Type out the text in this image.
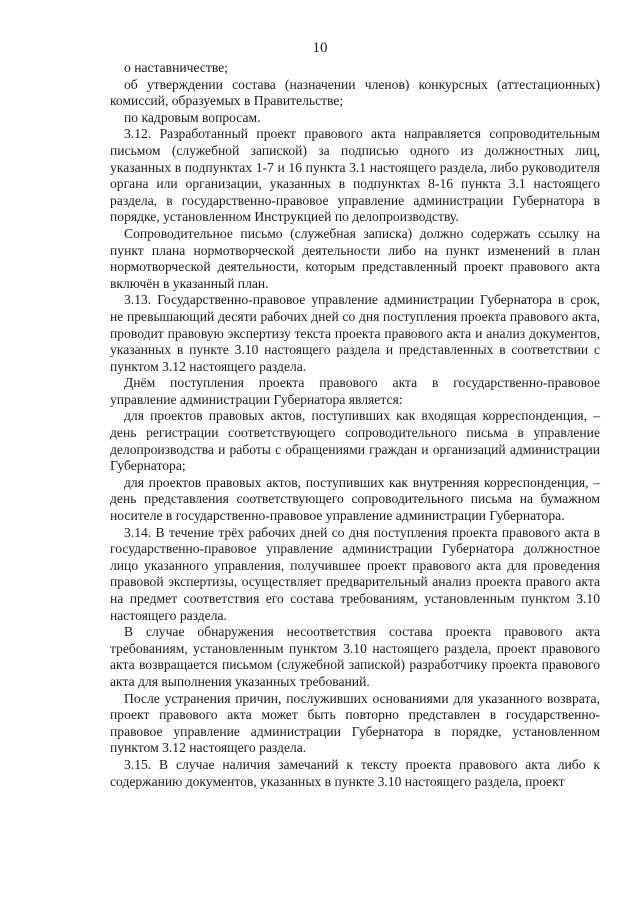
10

о наставничестве;

об утверждении состава (назначении членов) конкурсных (аттестационных) комиссий, образуемых в Правительстве;

по кадровым вопросам.

3.12. Разработанный проект правового акта направляется сопроводительным письмом (служебной запиской) за подписью одного из должностных лиц, указанных в подпунктах 1-7 и 16 пункта 3.1 настоящего раздела, либо руководителя органа или организации, указанных в подпунктах 8-16 пункта 3.1 настоящего раздела, в государственно-правовое управление администрации Губернатора в порядке, установленном Инструкцией по делопроизводству.

Сопроводительное письмо (служебная записка) должно содержать ссылку на пункт плана нормотворческой деятельности либо на пункт изменений в план нормотворческой деятельности, которым представленный проект правового акта включён в указанный план.

3.13. Государственно-правовое управление администрации Губернатора в срок, не превышающий десяти рабочих дней со дня поступления проекта правового акта, проводит правовую экспертизу текста проекта правового акта и анализ документов, указанных в пункте 3.10 настоящего раздела и представленных в соответствии с пунктом 3.12 настоящего раздела.

Днём поступления проекта правового акта в государственно-правовое управление администрации Губернатора является:

для проектов правовых актов, поступивших как входящая корреспонденция, – день регистрации соответствующего сопроводительного письма в управление делопроизводства и работы с обращениями граждан и организаций администрации Губернатора;

для проектов правовых актов, поступивших как внутренняя корреспонденция, – день представления соответствующего сопроводительного письма на бумажном носителе в государственно-правовое управление администрации Губернатора.

3.14. В течение трёх рабочих дней со дня поступления проекта правового акта в государственно-правовое управление администрации Губернатора должностное лицо указанного управления, получившее проект правового акта для проведения правовой экспертизы, осуществляет предварительный анализ проекта правого акта на предмет соответствия его состава требованиям, установленным пунктом 3.10 настоящего раздела.

В случае обнаружения несоответствия состава проекта правового акта требованиям, установленным пунктом 3.10 настоящего раздела, проект правового акта возвращается письмом (служебной запиской) разработчику проекта правового акта для выполнения указанных требований.

После устранения причин, послуживших основаниями для указанного возврата, проект правового акта может быть повторно представлен в государственно-правовое управление администрации Губернатора в порядке, установленном пунктом 3.12 настоящего раздела.

3.15. В случае наличия замечаний к тексту проекта правового акта либо к содержанию документов, указанных в пункте 3.10 настоящего раздела, проект
